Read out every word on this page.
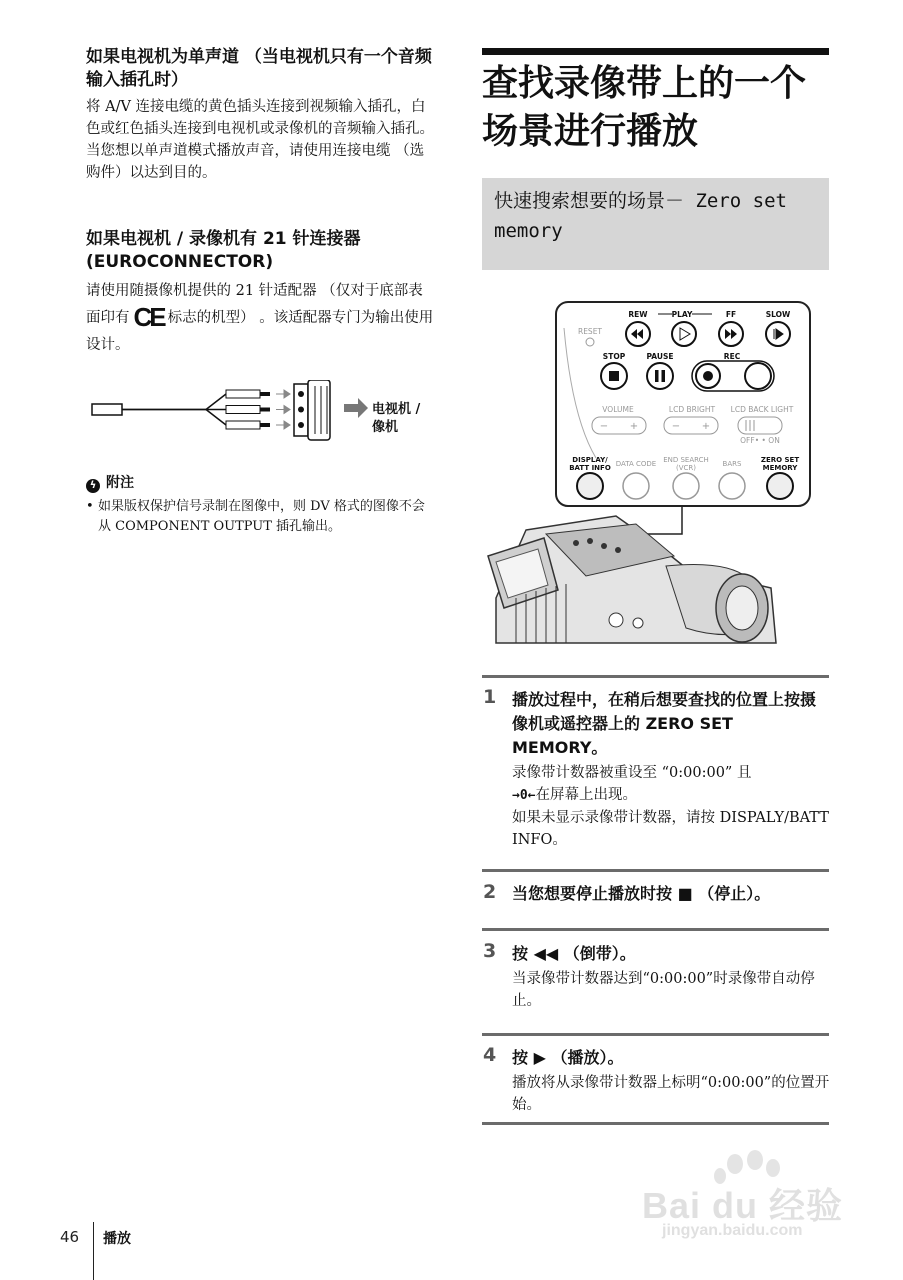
如果电视机为单声道 （当电视机只有一个音频输入插孔时）

将 A/V 连接电缆的黄色插头连接到视频输入插孔，白色或红色插头连接到电视机或录像机的音频输入插孔。

当您想以单声道模式播放声音，请使用连接电缆 （选购件）以达到目的。

如果电视机 / 录像机有 21 针连接器 (EUROCONNECTOR)

请使用随摄像机提供的 21 针适配器 （仅对于底部表面印有 CE 标志的机型） 。该适配器专门为输出使用设计。

电视机 /像机
ϟ 附注
• 如果版权保护信号录制在图像中，则 DV 格式的图像不会从 COMPONENT OUTPUT 插孔输出。
查找录像带上的一个场景进行播放
快速搜索想要的场景－ Zero set memory
REW	PLAY	FF	SLOW
RESET
STOP	PAUSE	REC
VOLUME	LCD BRIGHT LCD BACK LIGHT
OFF• • ON
− +	− +
DISPLAY/
BATT INFO
ZERO SET
MEMORY
DATA CODE END SEARCH
(VCR)	BARS
1 播放过程中，在稍后想要查找的位置上按摄像机或遥控器上的 ZERO SET MEMORY。

录像带计数器被重设至 “0:00:00” 且
→0←在屏幕上出现。
如果未显示录像带计数器，请按 DISPALY/BATT INFO。

2 当您想要停止播放时按 ■ （停止）。

3 按 ◀◀ （倒带）。

当录像带计数器达到“0:00:00”时录像带自动停止。

4 按 ▶ （播放）。

播放将从录像带计数器上标明“0:00:00”的位置开始。

46 播放
Bai du 经验
jingyan.baidu.com
